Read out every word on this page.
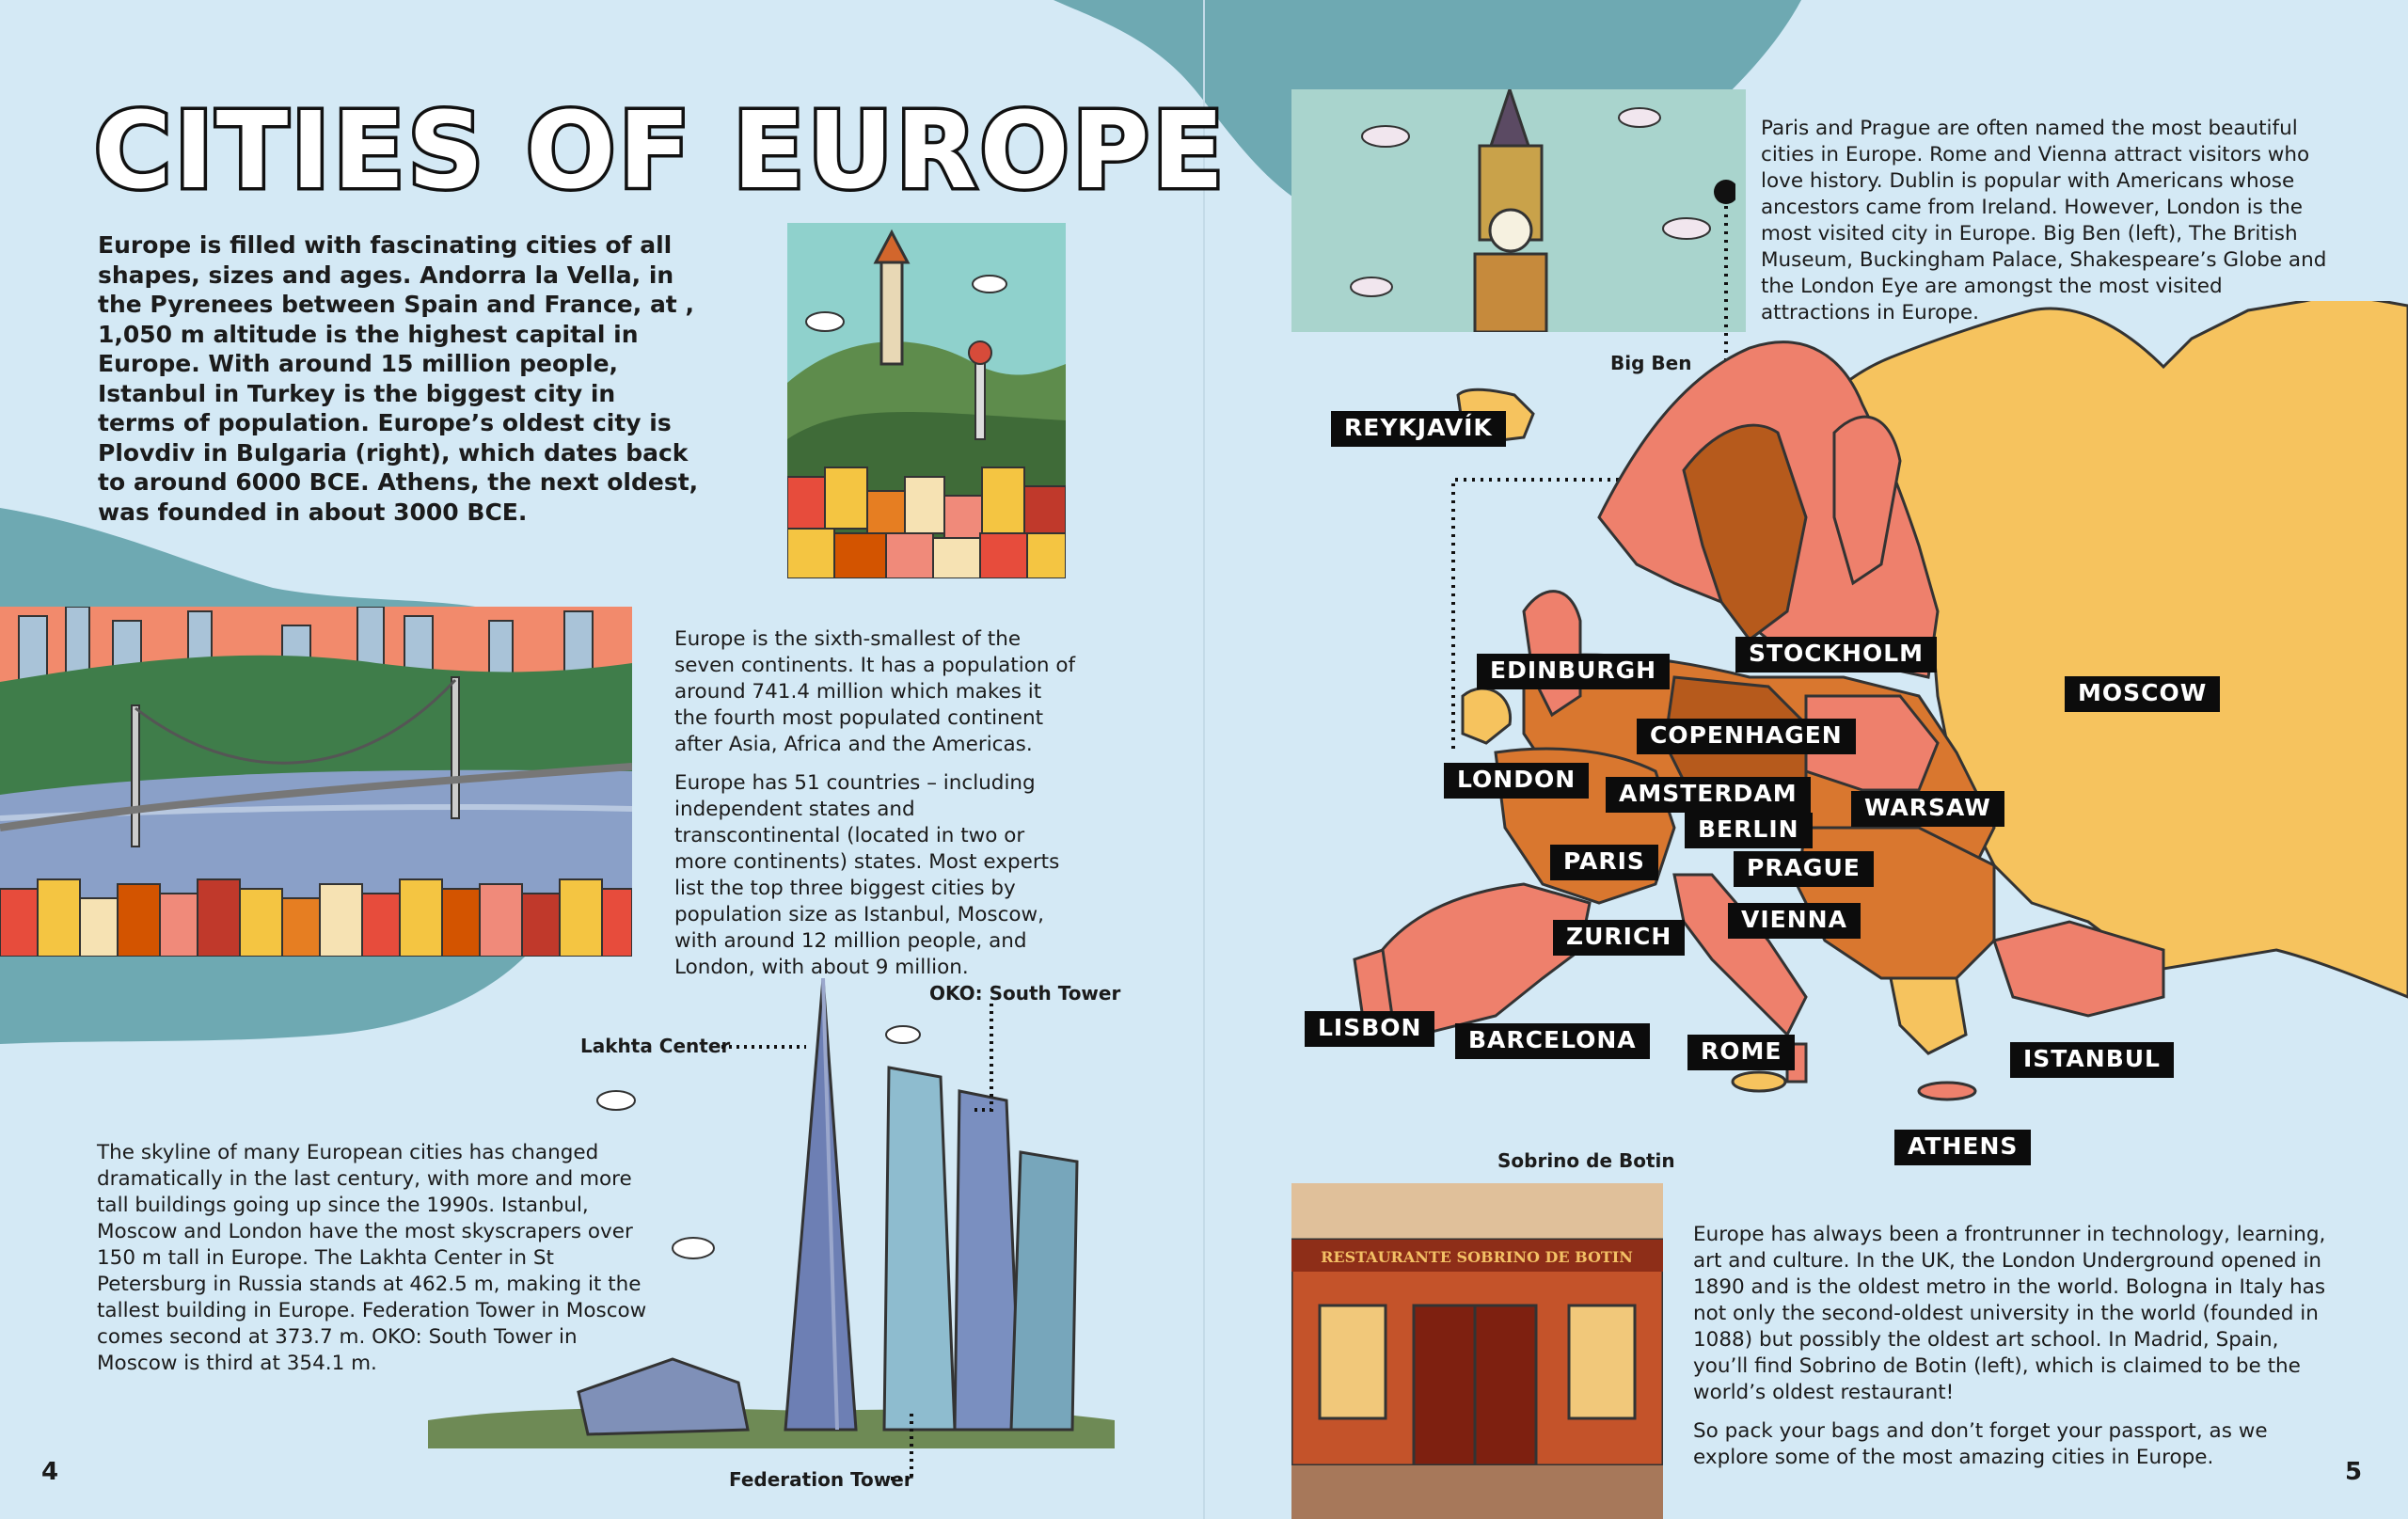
CITIES OF EUROPE
Europe is filled with fascinating cities of all shapes, sizes and ages. Andorra la Vella, in the Pyrenees between Spain and France, at , 1,050 m altitude is the highest capital in Europe. With around 15 million people, Istanbul in Turkey is the biggest city in terms of population. Europe’s oldest city is Plovdiv in Bulgaria (right), which dates back to around 6000 BCE. Athens, the next oldest, was founded in about 3000 BCE.

Europe is the sixth-smallest of the seven continents. It has a population of around 741.4 million which makes it the fourth most populated continent after Asia, Africa and the Americas.

Europe has 51 countries – including independent states and transcontinental (located in two or more continents) states. Most experts list the top three biggest cities by population size as Istanbul, Moscow, with around 12 million people, and London, with about 9 million.

The skyline of many European cities has changed dramatically in the last century, with more and more tall buildings going up since the 1990s. Istanbul, Moscow and London have the most skyscrapers over 150 m tall in Europe. The Lakhta Center in St Petersburg in Russia stands at 462.5 m, making it the tallest building in Europe. Federation Tower in Moscow comes second at 373.7 m. OKO: South Tower in Moscow is third at 354.1 m.
Lakhta Center
OKO: South Tower
Federation Tower
Big Ben
Paris and Prague are often named the most beautiful cities in Europe. Rome and Vienna attract visitors who love history. Dublin is popular with Americans whose ancestors came from Ireland. However, London is the most visited city in Europe. Big Ben (left), The British Museum, Buckingham Palace, Shakespeare’s Globe and the London Eye are amongst the most visited attractions in Europe.
REYKJAVÍK
EDINBURGH
STOCKHOLM
MOSCOW
COPENHAGEN
LONDON
AMSTERDAM
WARSAW
BERLIN
PARIS	PRAGUE
ZURICH
VIENNA
LISBON	BARCELONA	ROME	ISTANBUL
ATHENS
Sobrino de Botin
RESTAURANTE SOBRINO DE BOTIN

Europe has always been a frontrunner in technology, learning, art and culture. In the UK, the London Underground opened in 1890 and is the oldest metro in the world. Bologna in Italy has not only the second-oldest university in the world (founded in 1088) but possibly the oldest art school. In Madrid, Spain, you’ll find Sobrino de Botin (left), which is claimed to be the world’s oldest restaurant!

So pack your bags and don’t forget your passport, as we explore some of the most amazing cities in Europe.

4	5
